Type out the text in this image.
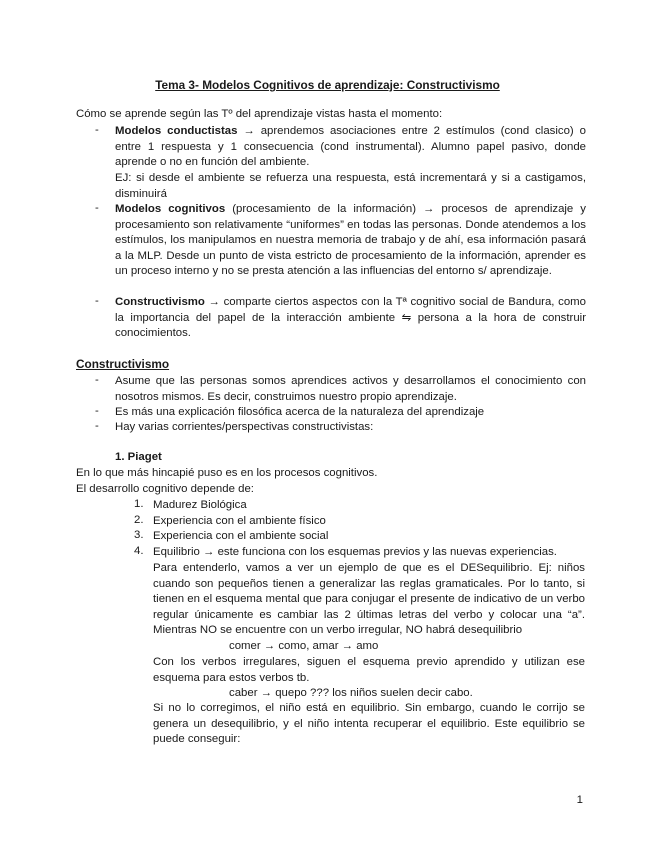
Tema 3- Modelos Cognitivos de aprendizaje: Constructivismo
Cómo se aprende según las Tº del aprendizaje vistas hasta el momento:
- Modelos conductistas → aprendemos asociaciones entre 2 estímulos (cond clasico) o entre 1 respuesta y 1 consecuencia (cond instrumental). Alumno papel pasivo, donde aprende o no en función del ambiente.
EJ: si desde el ambiente se refuerza una respuesta, está incrementará y si a castigamos, disminuirá
- Modelos cognitivos (procesamiento de la información) → procesos de aprendizaje y procesamiento son relativamente “uniformes” en todas las personas. Donde atendemos a los estímulos, los manipulamos en nuestra memoria de trabajo y de ahí, esa información pasará a la MLP. Desde un punto de vista estricto de procesamiento de la información, aprender es un proceso interno y no se presta atención a las influencias del entorno s/ aprendizaje.
- Constructivismo → comparte ciertos aspectos con la Tª cognitivo social de Bandura, como la importancia del papel de la interacción ambiente ⇋ persona a la hora de construir conocimientos.
Constructivismo
- Asume que las personas somos aprendices activos y desarrollamos el conocimiento con nosotros mismos. Es decir, construimos nuestro propio aprendizaje.
- Es más una explicación filosófica acerca de la naturaleza del aprendizaje
- Hay varias corrientes/perspectivas constructivistas:
1. Piaget
En lo que más hincapié puso es en los procesos cognitivos.
El desarrollo cognitivo depende de:
1. Madurez Biológica
2. Experiencia con el ambiente físico
3. Experiencia con el ambiente social
4. Equilibrio → este funciona con los esquemas previos y las nuevas experiencias.
Para entenderlo, vamos a ver un ejemplo de que es el DESequilibrio. Ej: niños cuando son pequeños tienen a generalizar las reglas gramaticales. Por lo tanto, si tienen en el esquema mental que para conjugar el presente de indicativo de un verbo regular únicamente es cambiar las 2 últimas letras del verbo y colocar una “a”. Mientras NO se encuentre con un verbo irregular, NO habrá desequilibrio
comer → como, amar → amo
Con los verbos irregulares, siguen el esquema previo aprendido y utilizan ese esquema para estos verbos tb.
caber → quepo ??? los niños suelen decir cabo.
Si no lo corregimos, el niño está en equilibrio. Sin embargo, cuando le corrijo se genera un desequilibrio, y el niño intenta recuperar el equilibrio. Este equilibrio se puede conseguir:
1
